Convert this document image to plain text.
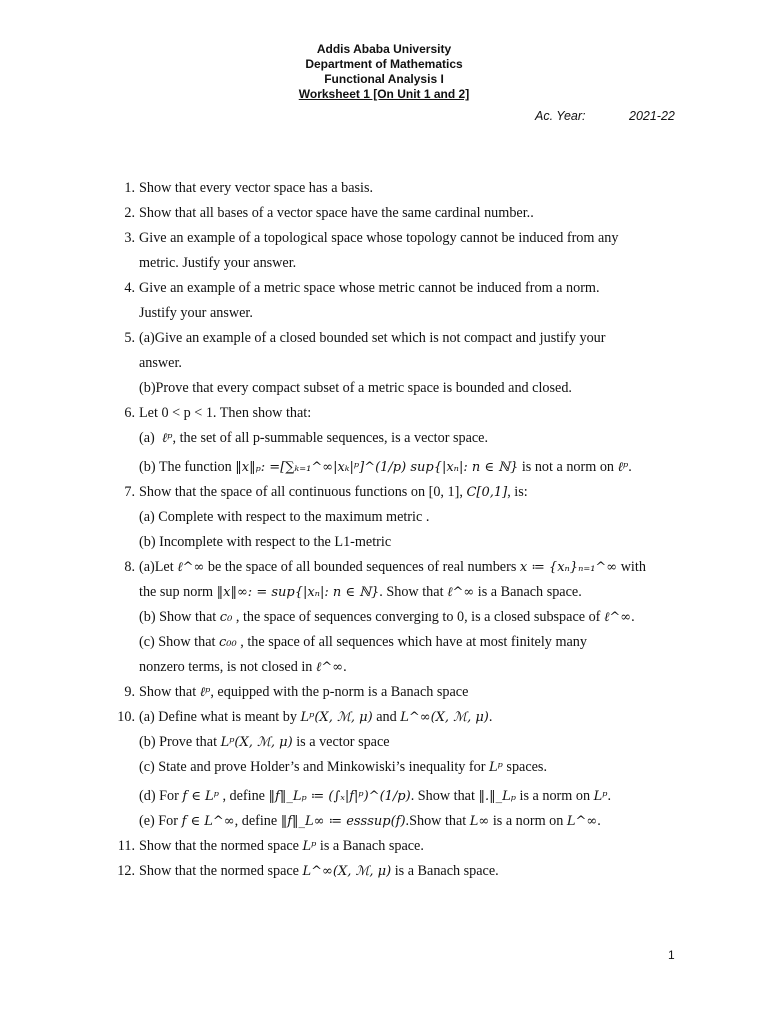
Addis Ababa University
Department of Mathematics
Functional Analysis I
Worksheet 1 [On Unit 1 and 2]
Ac. Year:	2021-22
1. Show that every vector space has a basis.
2. Show that all bases of a vector space have the same cardinal number..
3. Give an example of a topological space whose topology cannot be induced from any
metric. Justify your answer.
4. Give an example of a metric space whose metric cannot be induced from a norm.
Justify your answer.
5. (a)Give an example of a closed bounded set which is not compact and justify your
answer.
(b)Prove that every compact subset of a metric space is bounded and closed.
6. Let 0 < p < 1. Then show that:
(a) ℓᵖ, the set of all p-summable sequences, is a vector space.
(b) The function ‖x‖ₚ: =[∑ₖ₌₁^∞|xₖ|ᵖ]^(1/p) sup{|xₙ|: n ∈ ℕ} is not a norm on ℓᵖ.
7. Show that the space of all continuous functions on [0, 1], C[0,1], is:
(a) Complete with respect to the maximum metric .
(b) Incomplete with respect to the L1-metric
8. (a)Let ℓ^∞ be the space of all bounded sequences of real numbers x ≔ {xₙ}ₙ₌₁^∞ with
the sup norm ‖x‖∞: = sup{|xₙ|: n ∈ ℕ}. Show that ℓ^∞ is a Banach space.
(b) Show that c₀ , the space of sequences converging to 0, is a closed subspace of ℓ^∞.
(c) Show that c₀₀ , the space of all sequences which have at most finitely many
nonzero terms, is not closed in ℓ^∞.
9. Show that ℓᵖ, equipped with the p-norm is a Banach space
10. (a) Define what is meant by Lᵖ(X, ℳ, μ) and L^∞(X, ℳ, μ).
(b) Prove that Lᵖ(X, ℳ, μ) is a vector space
(c) State and prove Holder’s and Minkowiski’s inequality for Lᵖ spaces.
(d) For f ∈ Lᵖ , define ‖f‖_Lₚ ≔ (∫ₓ|f|ᵖ)^(1/p). Show that ‖.‖_Lₚ is a norm on Lᵖ.
(e) For f ∈ L^∞, define ‖f‖_L∞ ≔ esssup(f).Show that L∞ is a norm on L^∞.
11. Show that the normed space Lᵖ is a Banach space.
12. Show that the normed space L^∞(X, ℳ, μ) is a Banach space.
1
